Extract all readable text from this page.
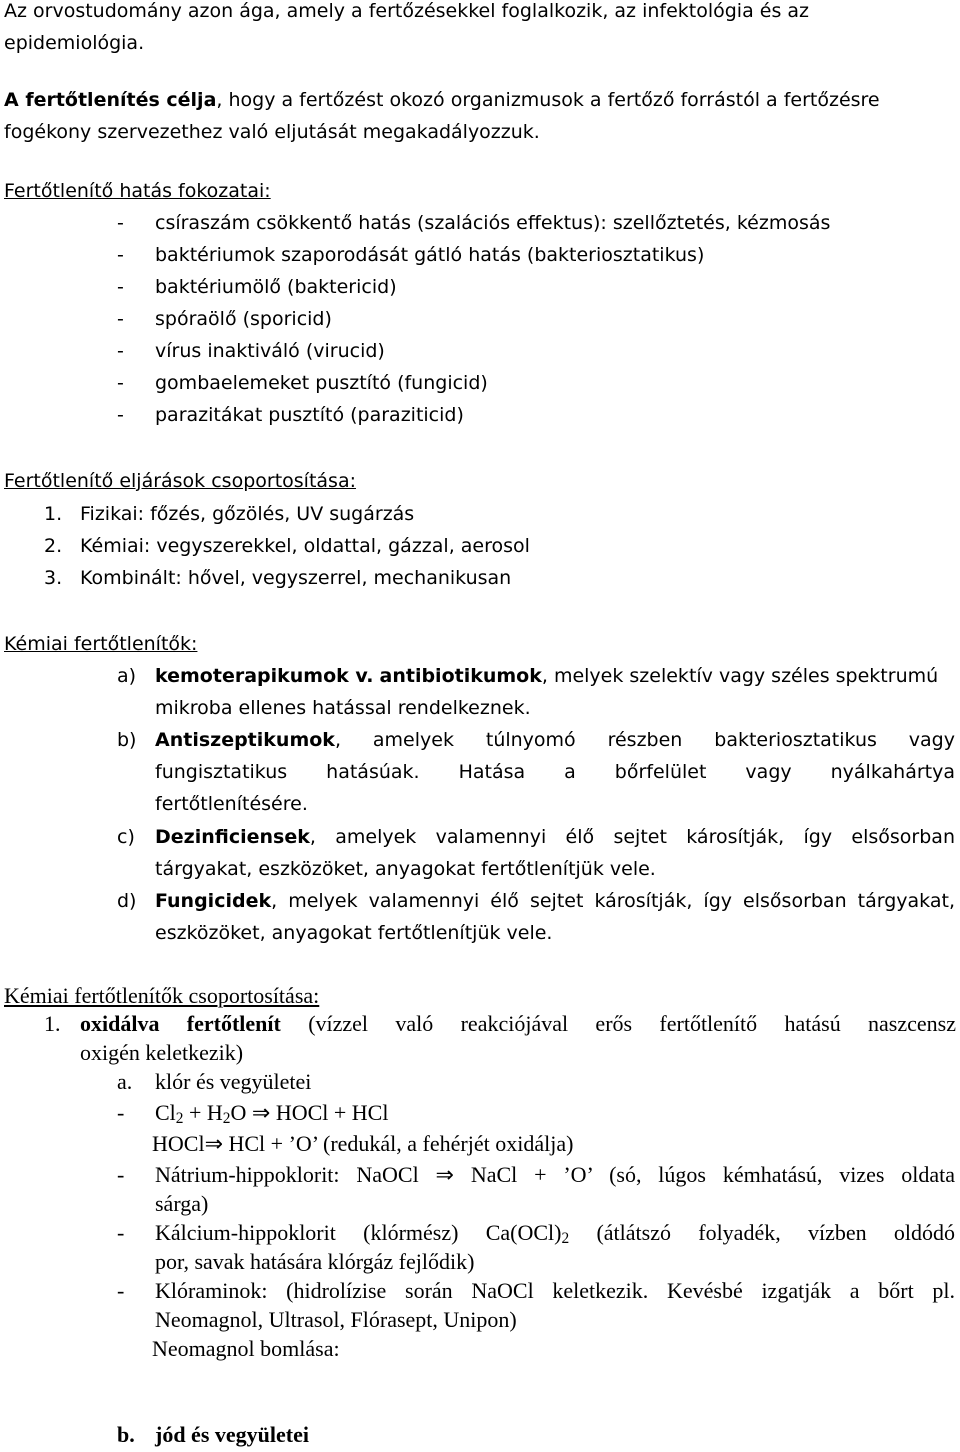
Az orvostudomány azon ága, amely a fertőzésekkel foglalkozik, az infektológia és az
epidemiológia.
A fertőtlenítés célja, hogy a fertőzést okozó organizmusok a fertőző forrástól a fertőzésre
fogékony szervezethez való eljutását megakadályozzuk.
Fertőtlenítő hatás fokozatai:
- csíraszám csökkentő hatás (szalációs effektus): szellőztetés, kézmosás
- baktériumok szaporodását gátló hatás (bakteriosztatikus)
- baktériumölő (baktericid)
- spóraölő (sporicid)
- vírus inaktiváló (virucid)
- gombaelemeket pusztító (fungicid)
- parazitákat pusztító (paraziticid)
Fertőtlenítő eljárások csoportosítása:
1. Fizikai: főzés, gőzölés, UV sugárzás
2. Kémiai: vegyszerekkel, oldattal, gázzal, aerosol
3. Kombinált: hővel, vegyszerrel, mechanikusan
Kémiai fertőtlenítők:
a) kemoterapikumok v. antibiotikumok, melyek szelektív vagy széles spektrumú
mikroba ellenes hatással rendelkeznek.
b) Antiszeptikumok, amelyek túlnyomó részben bakteriosztatikus vagy
fungisztatikus hatásúak. Hatása a bőrfelület vagy nyálkahártya
fertőtlenítésére.
c) Dezinficiensek, amelyek valamennyi élő sejtet károsítják, így elsősorban
tárgyakat, eszközöket, anyagokat fertőtlenítjük vele.
d) Fungicidek, melyek valamennyi élő sejtet károsítják, így elsősorban tárgyakat,
eszközöket, anyagokat fertőtlenítjük vele.
Kémiai fertőtlenítők csoportosítása:
1. oxidálva fertőtlenít (vízzel való reakciójával erős fertőtlenítő hatású naszcensz
oxigén keletkezik)
a. klór és vegyületei
- $Cl_2 + H_2O$ ⇒ HOCl + HCl
HOCl⇒ HCl + ’O’ (redukál, a fehérjét oxidálja)
- Nátrium-hippoklorit: NaOCl ⇒ NaCl + ’O’ (só, lúgos kémhatású, vizes oldata
sárga)
- Kálcium-hippoklorit (klórmész) $Ca(OCl)_2$ (átlátszó folyadék, vízben oldódó
por, savak hatására klórgáz fejlődik)
- Klóraminok: (hidrolízise során NaOCl keletkezik. Kevésbé izgatják a bőrt pl.
Neomagnol, Ultrasol, Flórasept, Unipon)
Neomagnol bomlása:
b. jód és vegyületei
